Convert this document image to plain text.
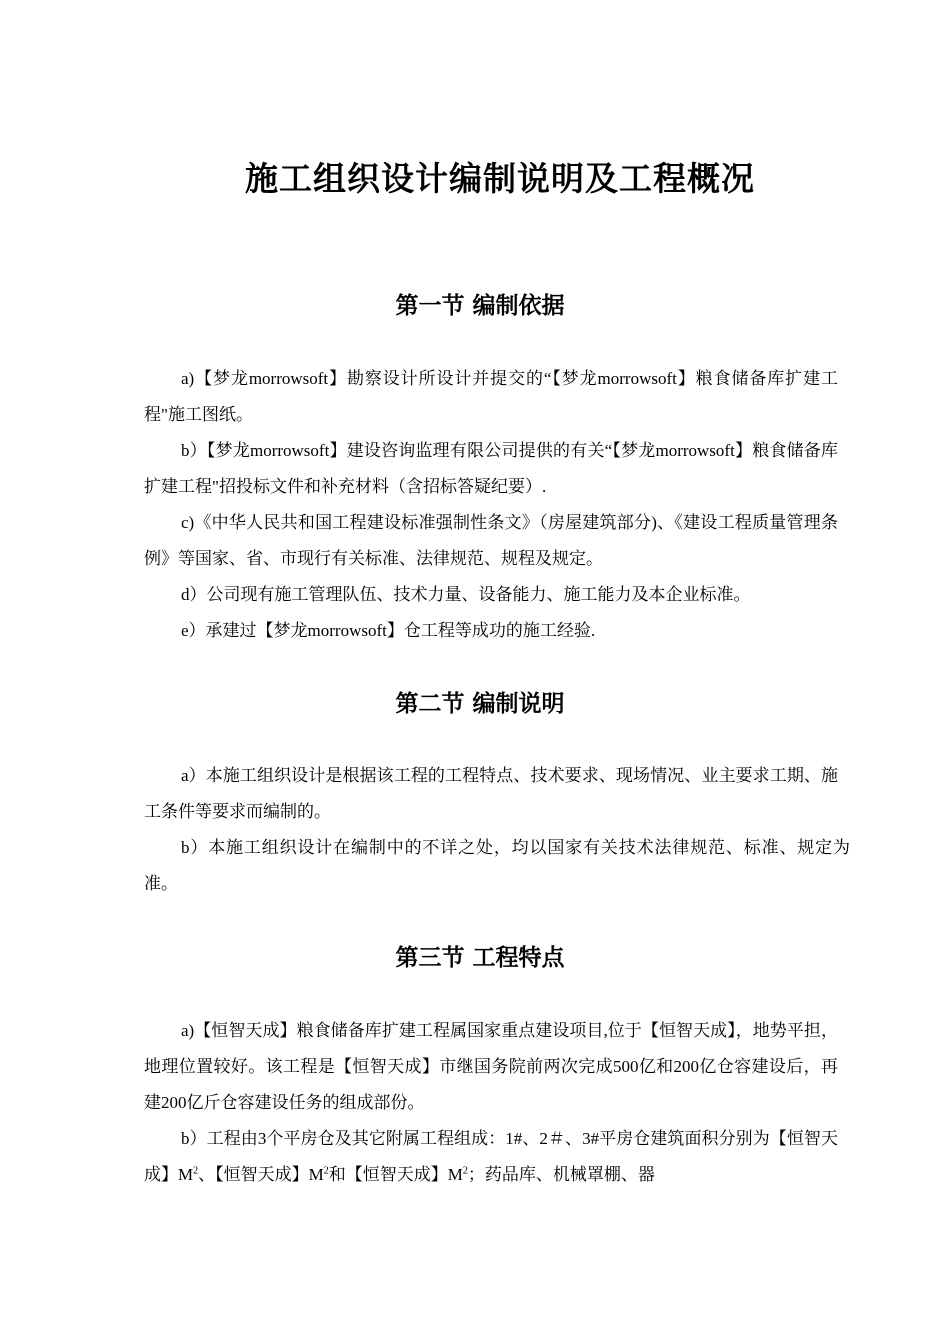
施工组织设计编制说明及工程概况
第一节 编制依据
a)【梦龙morrowsoft】勘察设计所设计并提交的“【梦龙morrowsoft】粮食储备库扩建工程"施工图纸。
b）【梦龙morrowsoft】建设咨询监理有限公司提供的有关“【梦龙morrowsoft】粮食储备库扩建工程"招投标文件和补充材料（含招标答疑纪要）.
c)《中华人民共和国工程建设标准强制性条文》（房屋建筑部分)、《建设工程质量管理条例》等国家、省、市现行有关标准、法律规范、规程及规定。
d）公司现有施工管理队伍、技术力量、设备能力、施工能力及本企业标准。
e）承建过【梦龙morrowsoft】仓工程等成功的施工经验.
第二节 编制说明
a）本施工组织设计是根据该工程的工程特点、技术要求、现场情况、业主要求工期、施工条件等要求而编制的。
b）本施工组织设计在编制中的不详之处，均以国家有关技术法律规范、标准、规定为准。
第三节 工程特点
a)【恒智天成】粮食储备库扩建工程属国家重点建设项目,位于【恒智天成】，地势平担，地理位置较好。该工程是【恒智天成】市继国务院前两次完成500亿和200亿仓容建设后，再建200亿斤仓容建设任务的组成部份。
b）工程由3个平房仓及其它附属工程组成：1#、2＃、3#平房仓建筑面积分别为【恒智天成】$M^2$、【恒智天成】$M^2$和【恒智天成】$M^2$；药品库、机械罩棚、器
